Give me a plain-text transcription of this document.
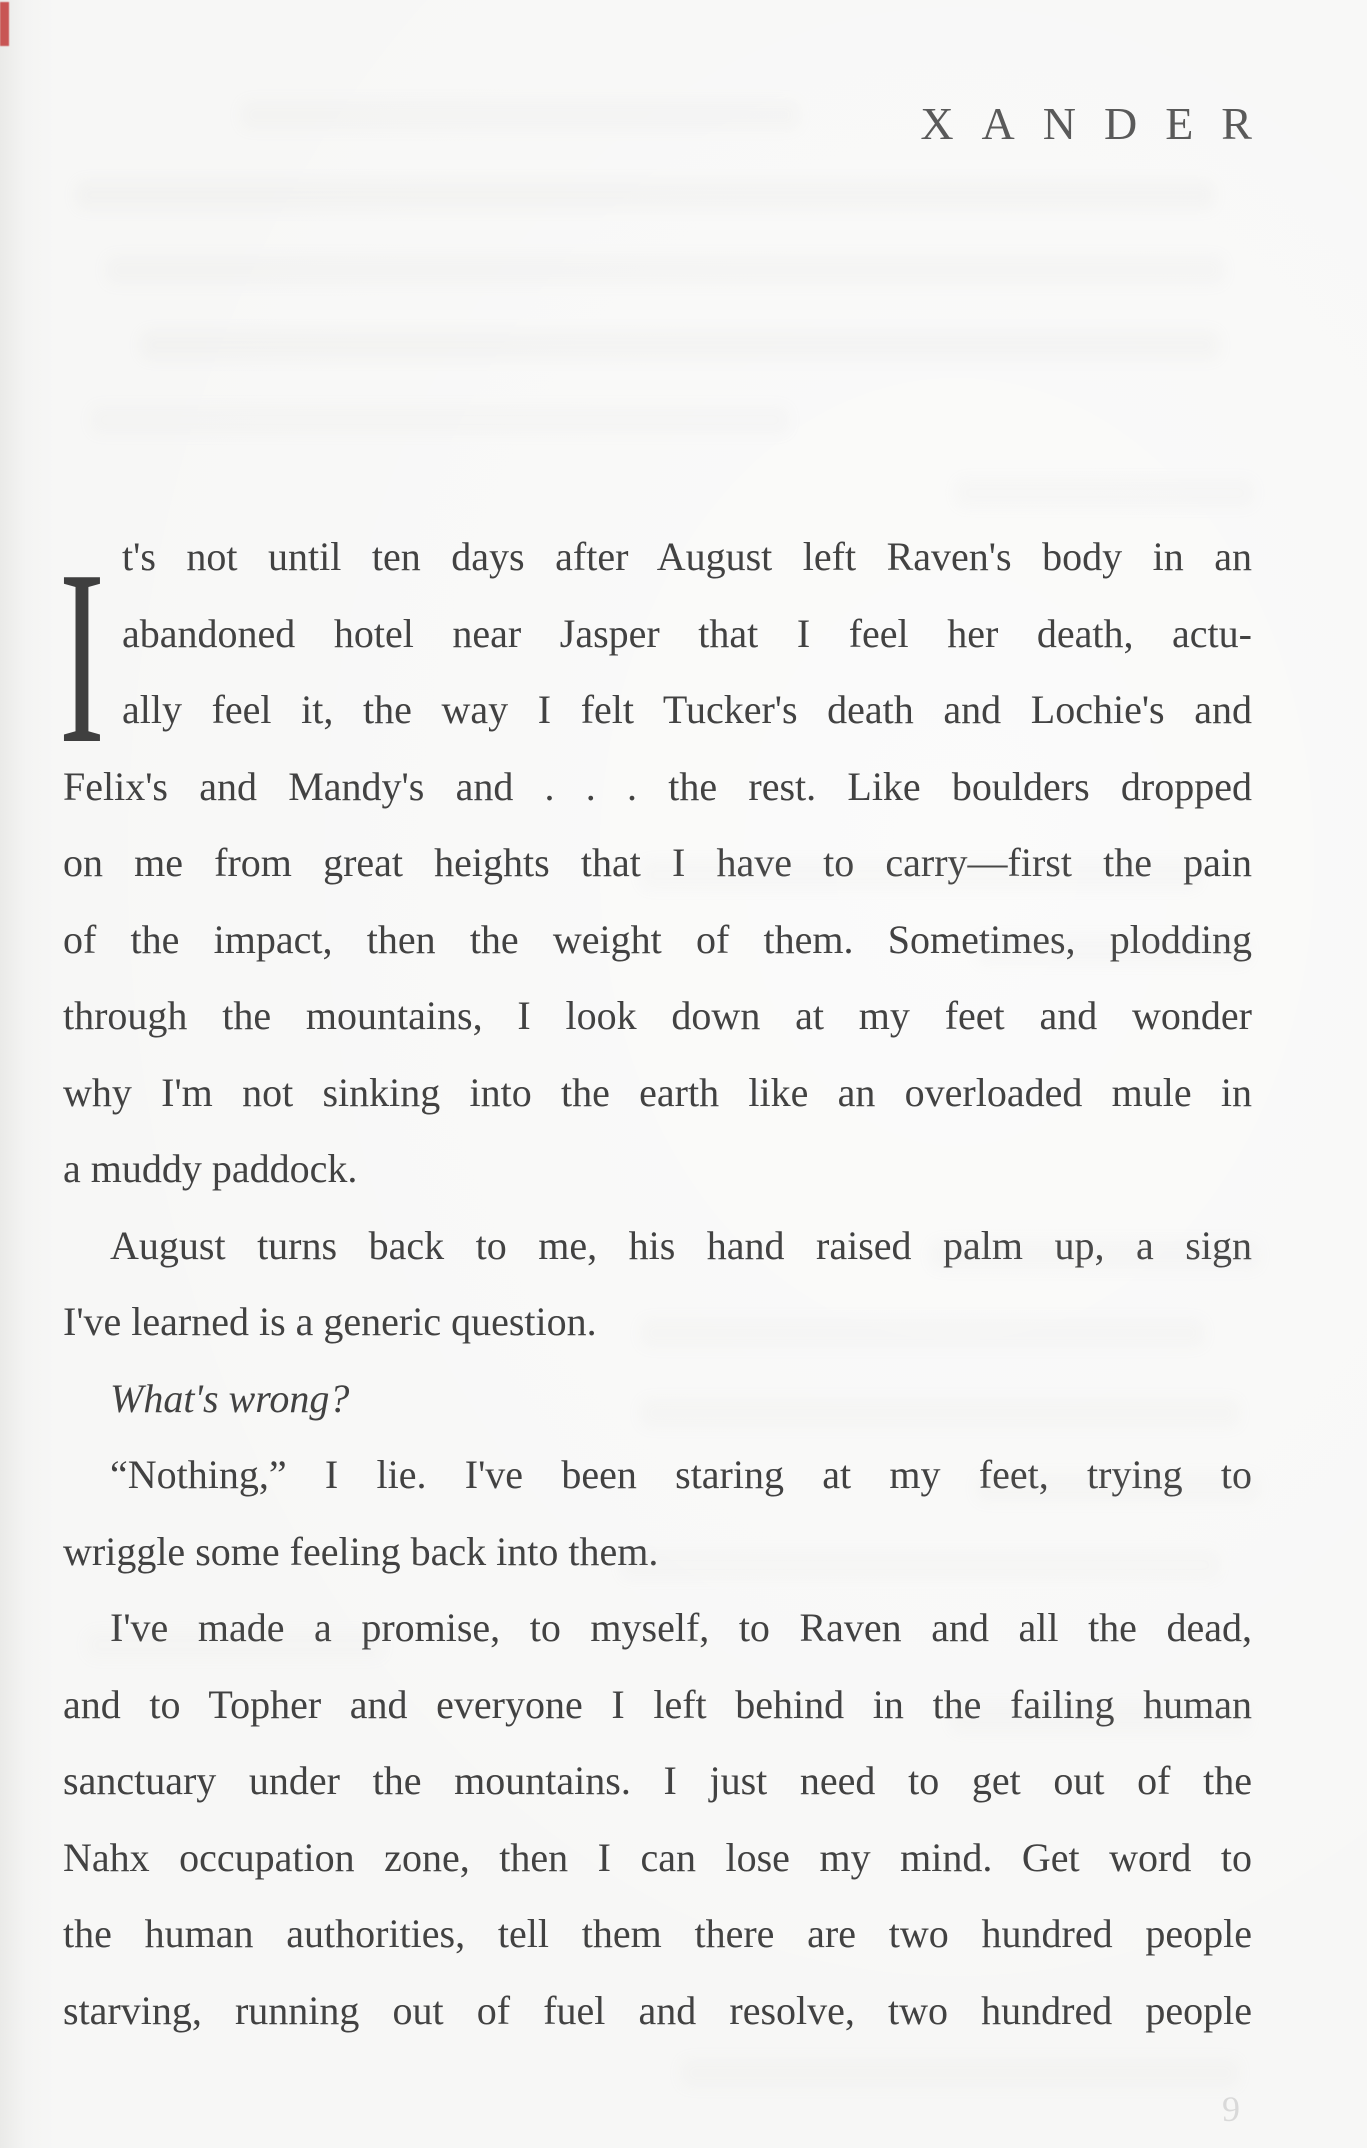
XANDER
I t's not until ten days after August left Raven's body in an
abandoned hotel near Jasper that I feel her death, actu-
ally feel it, the way I felt Tucker's death and Lochie's and
Felix's and Mandy's and . . . the rest. Like boulders dropped
on me from great heights that I have to carry—first the pain
of the impact, then the weight of them. Sometimes, plodding
through the mountains, I look down at my feet and wonder
why I'm not sinking into the earth like an overloaded mule in
a muddy paddock.
August turns back to me, his hand raised palm up, a sign
I've learned is a generic question.
What's wrong?
“Nothing,” I lie. I've been staring at my feet, trying to
wriggle some feeling back into them.
I've made a promise, to myself, to Raven and all the dead,
and to Topher and everyone I left behind in the failing human
sanctuary under the mountains. I just need to get out of the
Nahx occupation zone, then I can lose my mind. Get word to
the human authorities, tell them there are two hundred people
starving, running out of fuel and resolve, two hundred people
9
